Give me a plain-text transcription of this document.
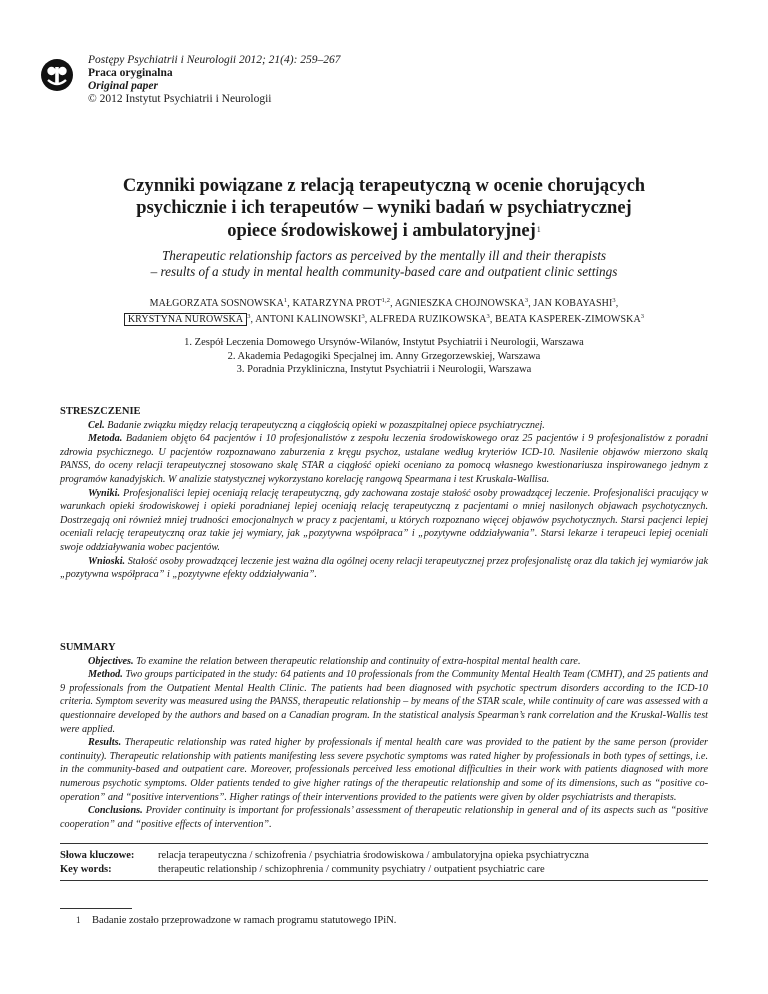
Postępy Psychiatrii i Neurologii 2012; 21(4): 259–267
Praca oryginalna
Original paper
© 2012 Instytut Psychiatrii i Neurologii
Czynniki powiązane z relacją terapeutyczną w ocenie chorujących
psychicznie i ich terapeutów – wyniki badań w psychiatrycznej
opiece środowiskowej i ambulatoryjnej$^1$
Therapeutic relationship factors as perceived by the mentally ill and their therapists
– results of a study in mental health community-based care and outpatient clinic settings
MAŁGORZATA SOSNOWSKA$^1$, KATARZYNA PROT$^{1,2}$, AGNIESZKA CHOJNOWSKA$^3$, JAN KOBAYASHI$^3$,
KRYSTYNA NUROWSKA $^3$, ANTONI KALINOWSKI$^3$, ALFREDA RUZIKOWSKA$^3$, BEATA KASPEREK-ZIMOWSKA$^3$
1. Zespół Leczenia Domowego Ursynów-Wilanów, Instytut Psychiatrii i Neurologii, Warszawa
2. Akademia Pedagogiki Specjalnej im. Anny Grzegorzewskiej, Warszawa
3. Poradnia Przykliniczna, Instytut Psychiatrii i Neurologii, Warszawa
STRESZCZENIE

Cel. Badanie związku między relacją terapeutyczną a ciągłością opieki w pozaszpitalnej opiece psychiatrycznej.

Metoda. Badaniem objęto 64 pacjentów i 10 profesjonalistów z zespołu leczenia środowiskowego oraz 25 pacjentów i 9 profesjonalistów z poradni zdrowia psychicznego. U pacjentów rozpoznawano zaburzenia z kręgu psychoz, ustalane według kryteriów ICD-10. Nasilenie objawów mierzono skalą PANSS, do oceny relacji terapeutycznej stosowano skalę STAR a ciągłość opieki oceniano za pomocą własnego kwestionariusza inspirowanego jednym z programów kanadyjskich. W analizie statystycznej wykorzystano korelację rangową Spearmana i test Kruskala-Wallisa.

Wyniki. Profesjonaliści lepiej oceniają relację terapeutyczną, gdy zachowana zostaje stałość osoby prowadzącej leczenie. Profesjonaliści pracujący w warunkach opieki środowiskowej i opieki poradnianej lepiej oceniają relację terapeutyczną z pacjentami o mniej nasilonych objawach psychotycznych. Dostrzegają oni również mniej trudności emocjonalnych w pracy z pacjentami, u których rozpoznano więcej objawów psychotycznych. Starsi pacjenci lepiej oceniali relację terapeutyczną oraz takie jej wymiary, jak „pozytywna współpraca” i „pozytywne oddziaływania”. Starsi lekarze i terapeuci lepiej oceniali swoje oddziaływania wobec pacjentów.

Wnioski. Stałość osoby prowadzącej leczenie jest ważna dla ogólnej oceny relacji terapeutycznej przez profesjonalistę oraz dla takich jej wymiarów jak „pozytywna współpraca” i „pozytywne efekty oddziaływania”.

SUMMARY

Objectives. To examine the relation between therapeutic relationship and continuity of extra-hospital mental health care.

Method. Two groups participated in the study: 64 patients and 10 professionals from the Community Mental Health Team (CMHT), and 25 patients and 9 professionals from the Outpatient Mental Health Clinic. The patients had been diagnosed with psychotic spectrum disorders according to the ICD-10 criteria. Symptom severity was measured using the PANSS, therapeutic relationship – by means of the STAR scale, while continuity of care was assessed with a questionnaire developed by the authors and based on a Canadian program. In the statistical analysis Spearman’s rank correlation and the Kruskal-Wallis test were applied.

Results. Therapeutic relationship was rated higher by professionals if mental health care was provided to the patient by the same person (provider continuity). Therapeutic relationship with patients manifesting less severe psychotic symptoms was rated higher by professionals in both types of settings, i.e. in the community-based and outpatient care. Moreover, professionals perceived less emotional difficulties in their work with patients diagnosed with more numerous psychotic symptoms. Older patients tended to give higher ratings of the therapeutic relationship and some of its dimensions, such as “positive co-operation” and “positive interventions”. Higher ratings of their interventions provided to the patients were given by older psychiatrists and therapists.

Conclusions. Provider continuity is important for professionals’ assessment of therapeutic relationship in general and of its aspects such as “positive cooperation” and “positive effects of intervention”.

Słowa kluczowe:	relacja terapeutyczna / schizofrenia / psychiatria środowiskowa / ambulatoryjna opieka psychiatryczna
Key words:	therapeutic relationship / schizophrenia / community psychiatry / outpatient psychiatric care
1 Badanie zostało przeprowadzone w ramach programu statutowego IPiN.
